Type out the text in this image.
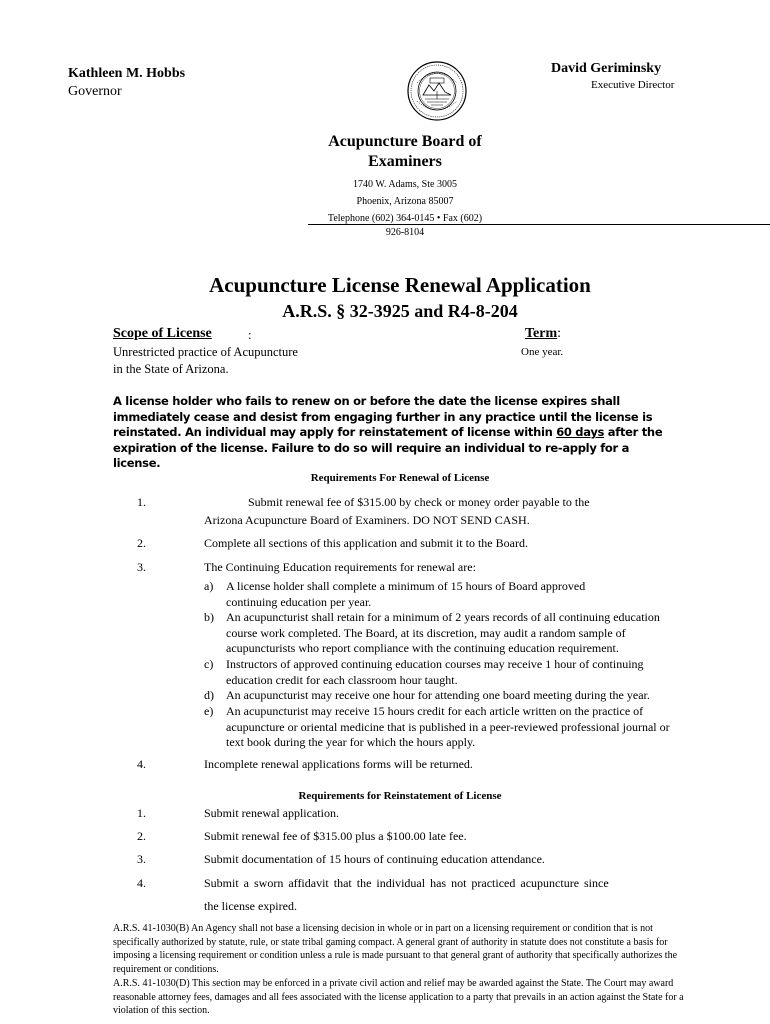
Kathleen M. Hobbs
Governor
David Geriminsky
Executive Director
Acupuncture Board of
Examiners
1740 W. Adams, Ste 3005
Phoenix, Arizona 85007
Telephone (602) 364-0145 • Fax (602)
926-8104
Acupuncture License Renewal Application
A.R.S. § 32-3925 and R4-8-204
Scope of License	:
Unrestricted practice of Acupuncture
in the State of Arizona.
Term:
One year.
A license holder who fails to renew on or before the date the license expires shall immediately cease and desist from engaging further in any practice until the license is reinstated. An individual may apply for reinstatement of license within 60 days after the expiration of the license. Failure to do so will require an individual to re-apply for a license.
Requirements For Renewal of License
1.	Submit renewal fee of $315.00 by check or money order payable to the
Arizona Acupuncture Board of Examiners. DO NOT SEND CASH.
2.	Complete all sections of this application and submit it to the Board.
3.	The Continuing Education requirements for renewal are:
a) A license holder shall complete a minimum of 15 hours of Board approved continuing education per year.
b) An acupuncturist shall retain for a minimum of 2 years records of all continuing education course work completed. The Board, at its discretion, may audit a random sample of acupuncturists who report compliance with the continuing education requirement.
c) Instructors of approved continuing education courses may receive 1 hour of continuing education credit for each classroom hour taught.
d) An acupuncturist may receive one hour for attending one board meeting during the year.
e) An acupuncturist may receive 15 hours credit for each article written on the practice of acupuncture or oriental medicine that is published in a peer-reviewed professional journal or text book during the year for which the hours apply.
4.	Incomplete renewal applications forms will be returned.
Requirements for Reinstatement of License
1.	Submit renewal application.
2.	Submit renewal fee of $315.00 plus a $100.00 late fee.
3.	Submit documentation of 15 hours of continuing education attendance.
4.	Submit a sworn affidavit that the individual has not practiced acupuncture since
the license expired.
A.R.S. 41-1030(B) An Agency shall not base a licensing decision in whole or in part on a licensing requirement or condition that is not specifically authorized by statute, rule, or state tribal gaming compact. A general grant of authority in statute does not constitute a basis for imposing a licensing requirement or condition unless a rule is made pursuant to that general grant of authority that specifically authorizes the requirement or conditions.
A.R.S. 41-1030(D) This section may be enforced in a private civil action and relief may be awarded against the State. The Court may award reasonable attorney fees, damages and all fees associated with the license application to a party that prevails in an action against the State for a violation of this section.
